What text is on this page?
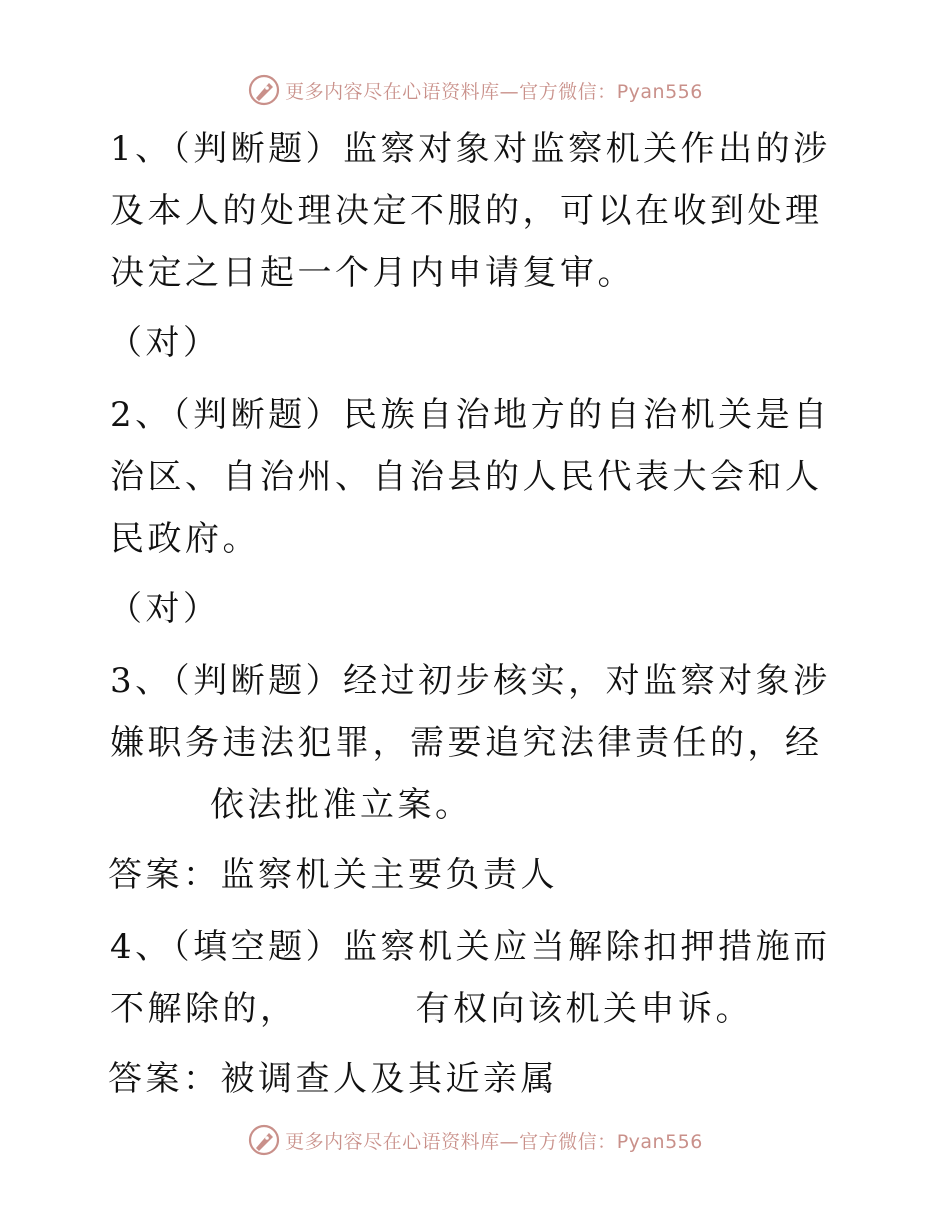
更多内容尽在心语资料库—官方微信：Pyan556

1、（判断题）监察对象对监察机关作出的涉及本人的处理决定不服的，可以在收到处理决定之日起一个月内申请复审。

（对）

2、（判断题）民族自治地方的自治机关是自治区、自治州、自治县的人民代表大会和人民政府。

（对）

3、（判断题）经过初步核实，对监察对象涉嫌职务违法犯罪，需要追究法律责任的，经依法批准立案。

答案：监察机关主要负责人

4、（填空题）监察机关应当解除扣押措施而不解除的，	有权向该机关申诉。

答案：被调查人及其近亲属

更多内容尽在心语资料库—官方微信：Pyan556
